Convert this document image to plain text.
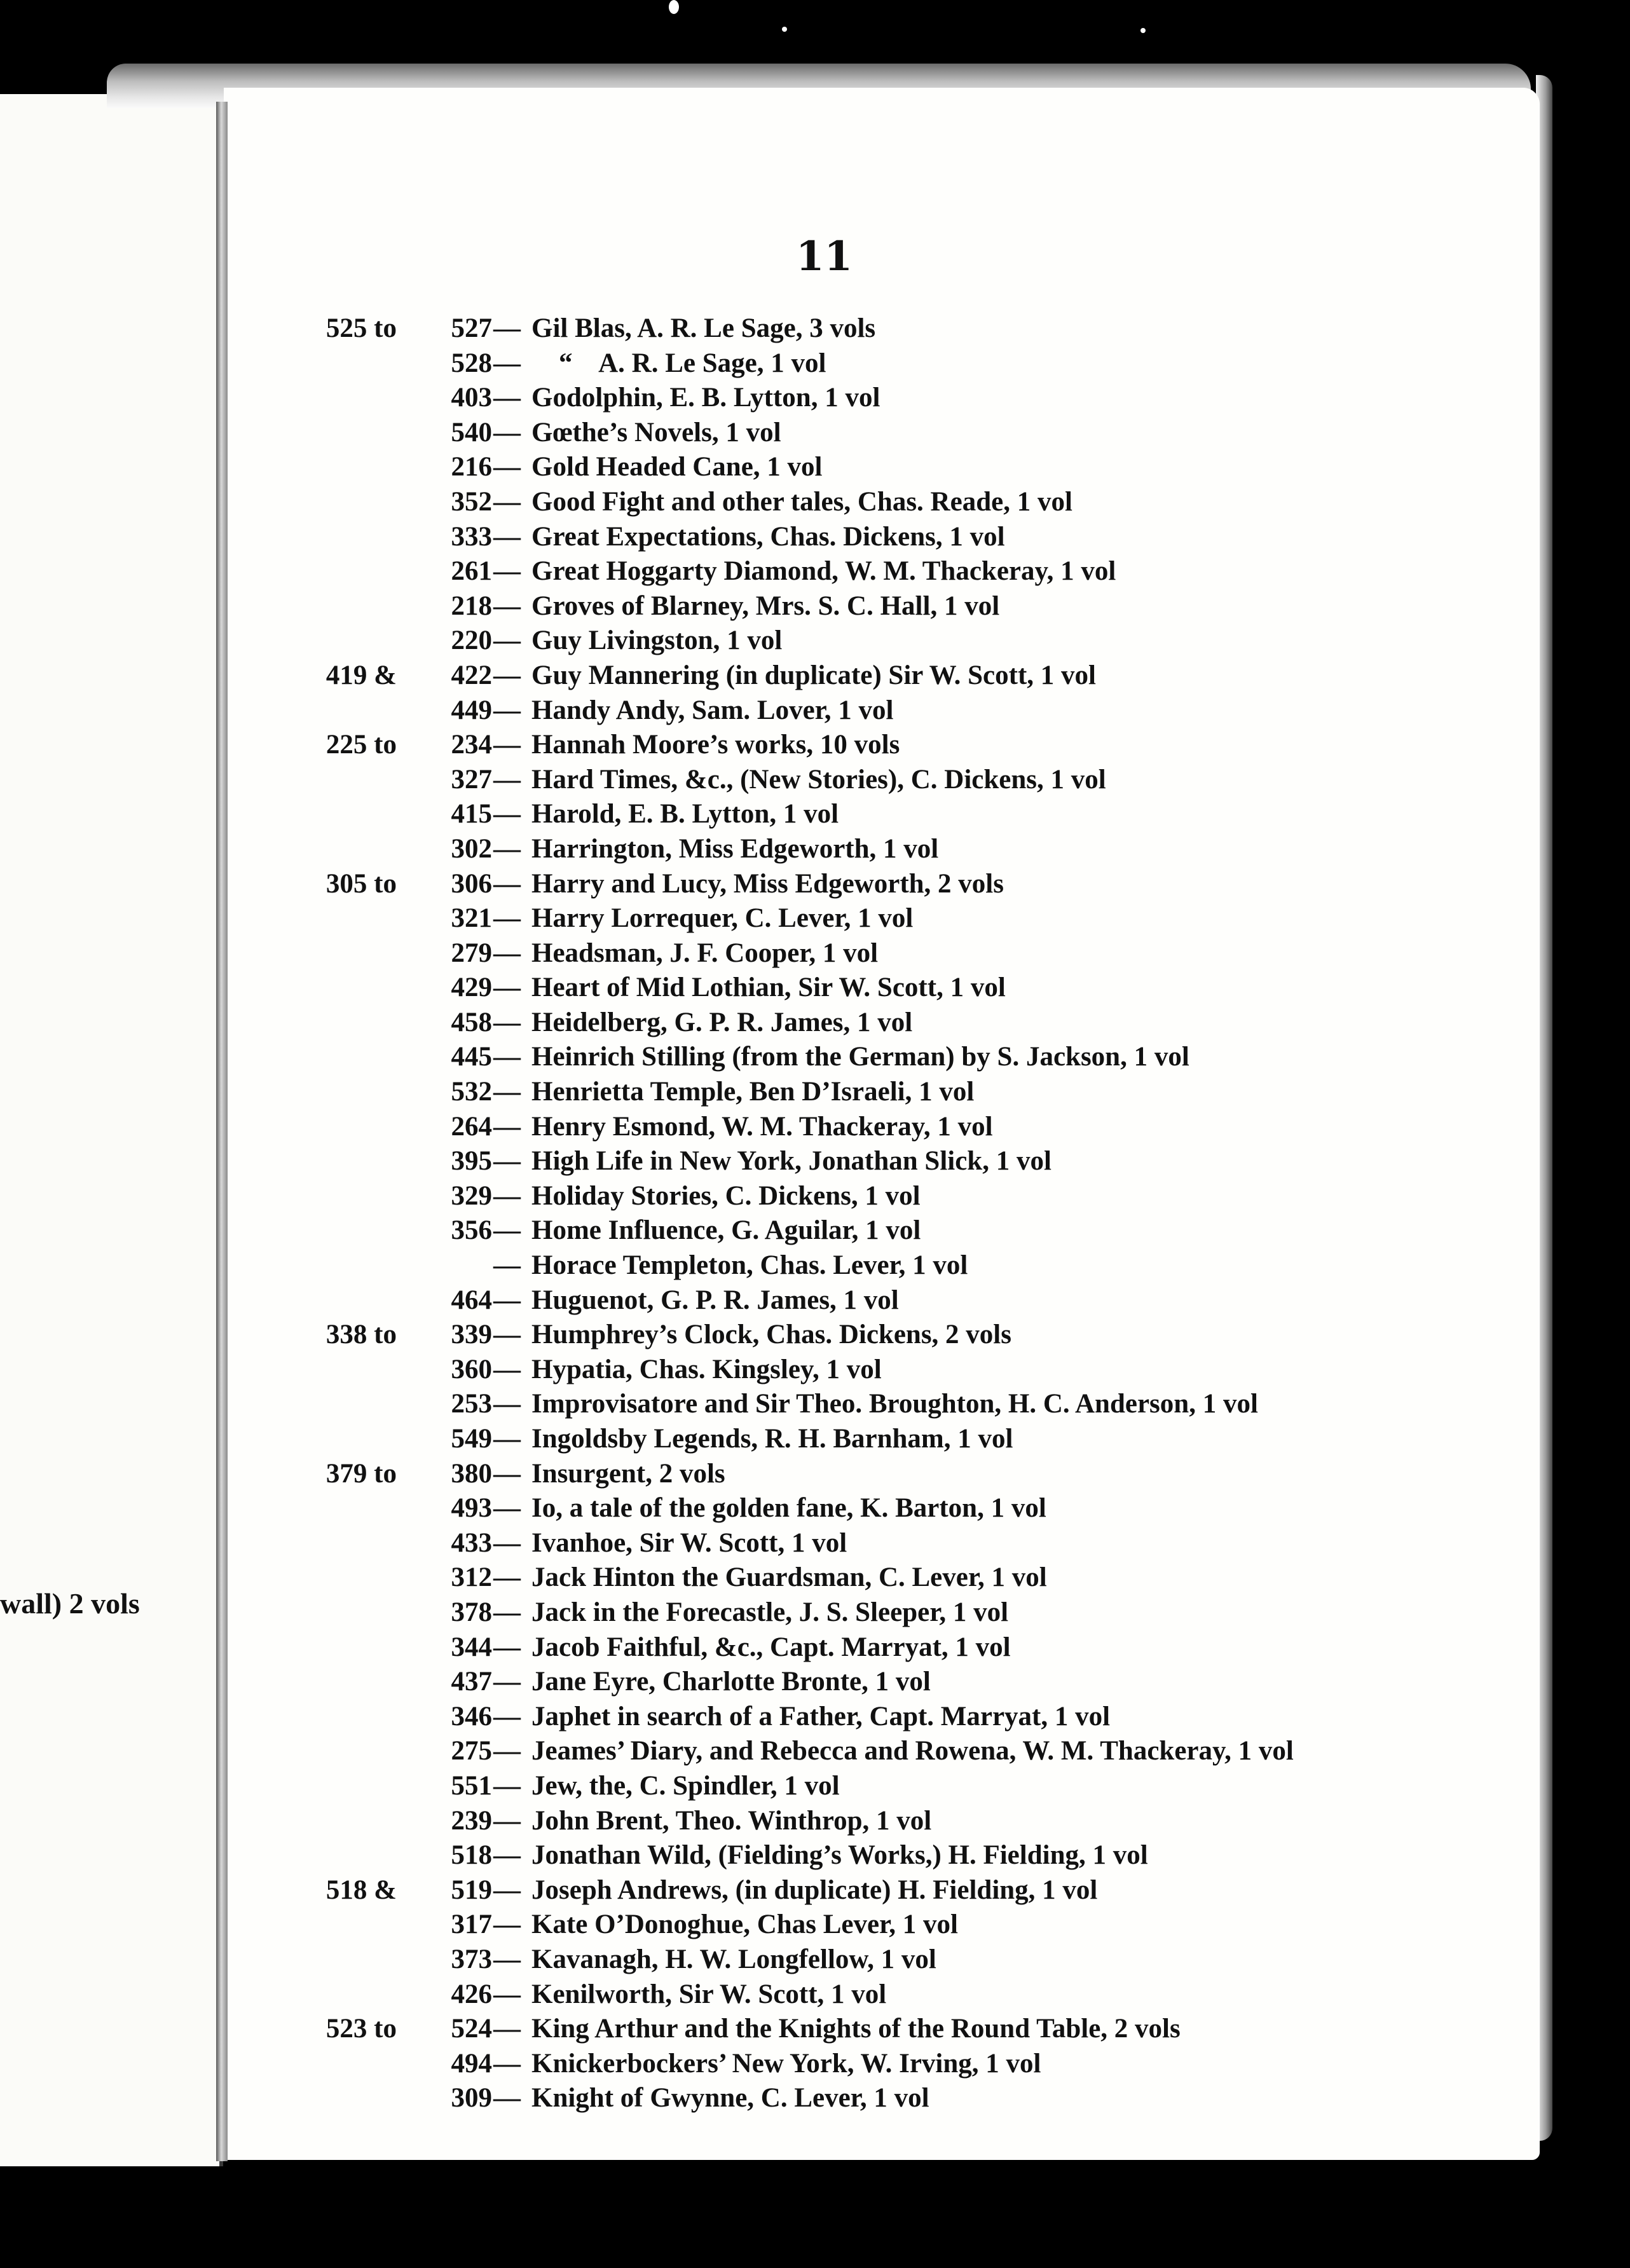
wall) 2 vols
11
525 to	527 — Gil Blas, A. R. Le Sage, 3 vols
528 — “    A. R. Le Sage, 1 vol
403 — Godolphin, E. B. Lytton, 1 vol
540 — Gœthe’s Novels, 1 vol
216 — Gold Headed Cane, 1 vol
352 — Good Fight and other tales, Chas. Reade, 1 vol
333 — Great Expectations, Chas. Dickens, 1 vol
261 — Great Hoggarty Diamond, W. M. Thackeray, 1 vol
218 — Groves of Blarney, Mrs. S. C. Hall, 1 vol
220 — Guy Livingston, 1 vol
419 &	422 — Guy Mannering (in duplicate) Sir W. Scott, 1 vol
449 — Handy Andy, Sam. Lover, 1 vol
225 to	234 — Hannah Moore’s works, 10 vols
327 — Hard Times, &c., (New Stories), C. Dickens, 1 vol
415 — Harold, E. B. Lytton, 1 vol
302 — Harrington, Miss Edgeworth, 1 vol
305 to	306 — Harry and Lucy, Miss Edgeworth, 2 vols
321 — Harry Lorrequer, C. Lever, 1 vol
279 — Headsman, J. F. Cooper, 1 vol
429 — Heart of Mid Lothian, Sir W. Scott, 1 vol
458 — Heidelberg, G. P. R. James, 1 vol
445 — Heinrich Stilling (from the German) by S. Jackson, 1 vol
532 — Henrietta Temple, Ben D’Israeli, 1 vol
264 — Henry Esmond, W. M. Thackeray, 1 vol
395 — High Life in New York, Jonathan Slick, 1 vol
329 — Holiday Stories, C. Dickens, 1 vol
356 — Home Influence, G. Aguilar, 1 vol
— Horace Templeton, Chas. Lever, 1 vol
464 — Huguenot, G. P. R. James, 1 vol
338 to	339 — Humphrey’s Clock, Chas. Dickens, 2 vols
360 — Hypatia, Chas. Kingsley, 1 vol
253 — Improvisatore and Sir Theo. Broughton, H. C. Anderson, 1 vol
549 — Ingoldsby Legends, R. H. Barnham, 1 vol
379 to	380 — Insurgent, 2 vols
493 — Io, a tale of the golden fane, K. Barton, 1 vol
433 — Ivanhoe, Sir W. Scott, 1 vol
312 — Jack Hinton the Guardsman, C. Lever, 1 vol
378 — Jack in the Forecastle, J. S. Sleeper, 1 vol
344 — Jacob Faithful, &c., Capt. Marryat, 1 vol
437 — Jane Eyre, Charlotte Bronte, 1 vol
346 — Japhet in search of a Father, Capt. Marryat, 1 vol
275 — Jeames’ Diary, and Rebecca and Rowena, W. M. Thackeray, 1 vol
551 — Jew, the, C. Spindler, 1 vol
239 — John Brent, Theo. Winthrop, 1 vol
518 — Jonathan Wild, (Fielding’s Works,) H. Fielding, 1 vol
518 &	519 — Joseph Andrews, (in duplicate) H. Fielding, 1 vol
317 — Kate O’Donoghue, Chas Lever, 1 vol
373 — Kavanagh, H. W. Longfellow, 1 vol
426 — Kenilworth, Sir W. Scott, 1 vol
523 to	524 — King Arthur and the Knights of the Round Table, 2 vols
494 — Knickerbockers’ New York, W. Irving, 1 vol
309 — Knight of Gwynne, C. Lever, 1 vol
